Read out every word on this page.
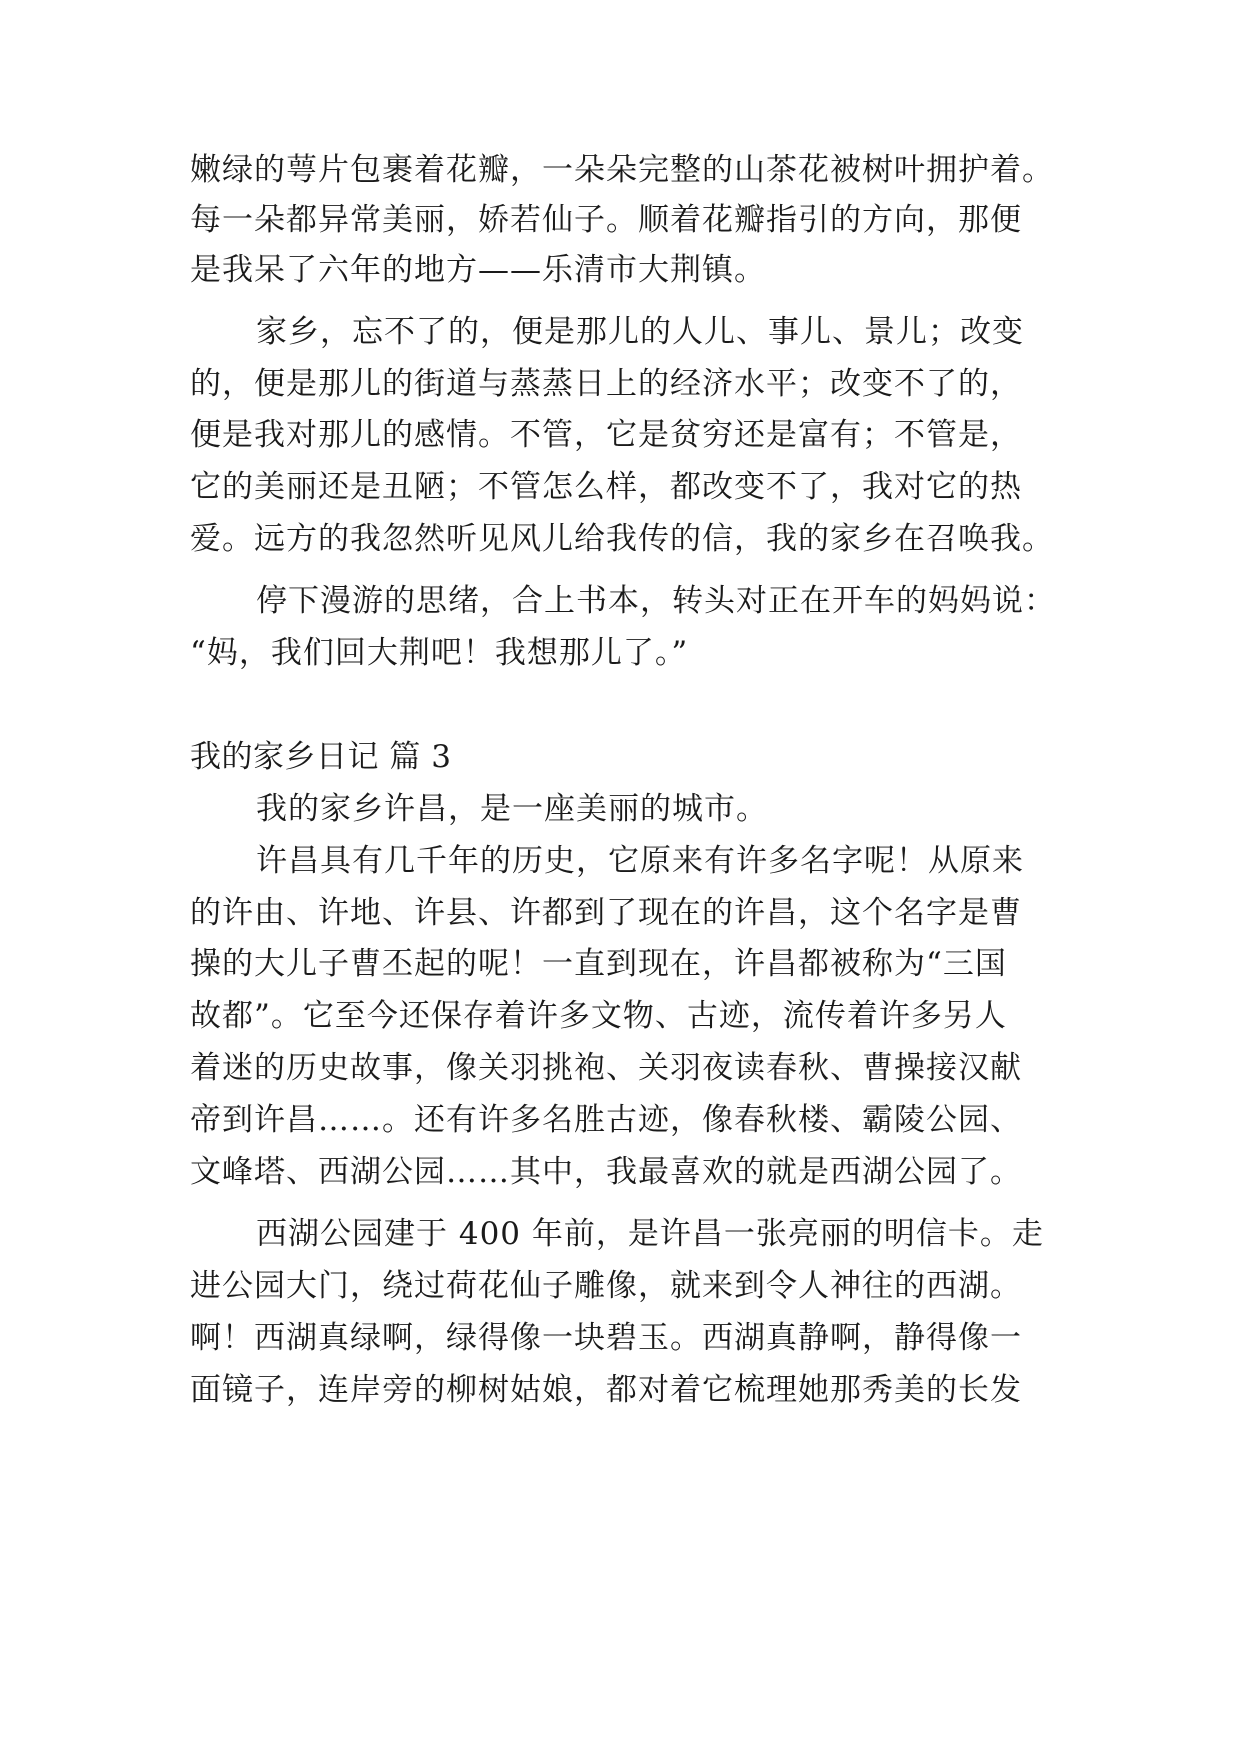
嫩绿的萼片包裹着花瓣，一朵朵完整的山茶花被树叶拥护着。
每一朵都异常美丽，娇若仙子。顺着花瓣指引的方向，那便
是我呆了六年的地方——乐清市大荆镇。
家乡，忘不了的，便是那儿的人儿、事儿、景儿；改变
的，便是那儿的街道与蒸蒸日上的经济水平；改变不了的，
便是我对那儿的感情。不管，它是贫穷还是富有；不管是，
它的美丽还是丑陋；不管怎么样，都改变不了，我对它的热
爱。远方的我忽然听见风儿给我传的信，我的家乡在召唤我。
停下漫游的思绪，合上书本，转头对正在开车的妈妈说：
“妈，我们回大荆吧！我想那儿了。”
我的家乡日记 篇 3
我的家乡许昌，是一座美丽的城市。
许昌具有几千年的历史，它原来有许多名字呢！从原来
的许由、许地、许县、许都到了现在的许昌，这个名字是曹
操的大儿子曹丕起的呢！一直到现在，许昌都被称为“三国
故都”。它至今还保存着许多文物、古迹，流传着许多另人
着迷的历史故事，像关羽挑袍、关羽夜读春秋、曹操接汉献
帝到许昌……。还有许多名胜古迹，像春秋楼、霸陵公园、
文峰塔、西湖公园……其中，我最喜欢的就是西湖公园了。
西湖公园建于 400 年前，是许昌一张亮丽的明信卡。走
进公园大门，绕过荷花仙子雕像，就来到令人神往的西湖。
啊！西湖真绿啊，绿得像一块碧玉。西湖真静啊，静得像一
面镜子，连岸旁的柳树姑娘，都对着它梳理她那秀美的长发
